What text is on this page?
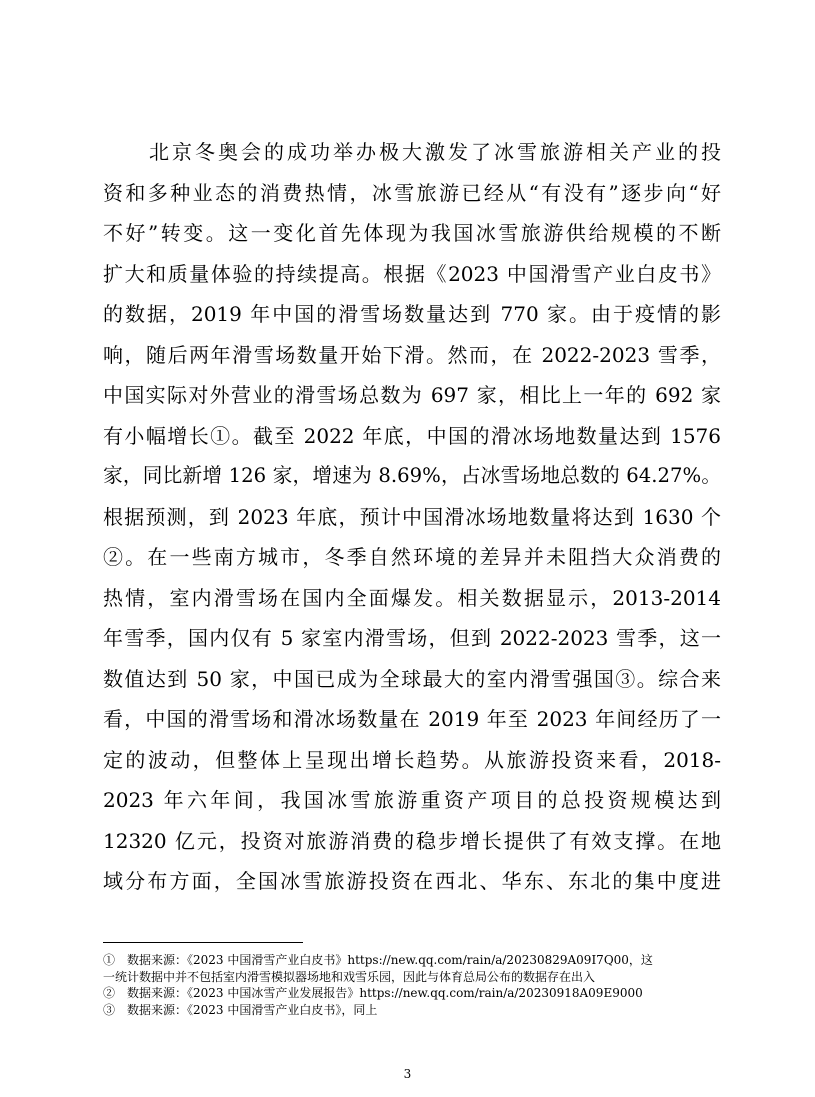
　　北京冬奥会的成功举办极大激发了冰雪旅游相关产业的投
资和多种业态的消费热情，冰雪旅游已经从“有没有”逐步向“好
不好”转变。这一变化首先体现为我国冰雪旅游供给规模的不断
扩大和质量体验的持续提高。根据《2023 中国滑雪产业白皮书》
的数据，2019 年中国的滑雪场数量达到 770 家。由于疫情的影
响，随后两年滑雪场数量开始下滑。然而，在 2022-2023 雪季，
中国实际对外营业的滑雪场总数为 697 家，相比上一年的 692 家
有小幅增长①。截至 2022 年底，中国的滑冰场地数量达到 1576
家，同比新增 126 家，增速为 8.69%，占冰雪场地总数的 64.27%。
根据预测，到 2023 年底，预计中国滑冰场地数量将达到 1630 个
②。在一些南方城市，冬季自然环境的差异并未阻挡大众消费的
热情，室内滑雪场在国内全面爆发。相关数据显示，2013-2014
年雪季，国内仅有 5 家室内滑雪场，但到 2022-2023 雪季，这一
数值达到 50 家，中国已成为全球最大的室内滑雪强国③。综合来
看，中国的滑雪场和滑冰场数量在 2019 年至 2023 年间经历了一
定的波动，但整体上呈现出增长趋势。从旅游投资来看，2018-
2023 年六年间，我国冰雪旅游重资产项目的总投资规模达到
12320 亿元，投资对旅游消费的稳步增长提供了有效支撑。在地
域分布方面，全国冰雪旅游投资在西北、华东、东北的集中度进
①　数据来源：《2023 中国滑雪产业白皮书》https://new.qq.com/rain/a/20230829A09I7Q00，这
一统计数据中并不包括室内滑雪模拟器场地和戏雪乐园，因此与体育总局公布的数据存在出入
②　数据来源：《2023 中国冰雪产业发展报告》https://new.qq.com/rain/a/20230918A09E9000
③　数据来源：《2023 中国滑雪产业白皮书》，同上
3
